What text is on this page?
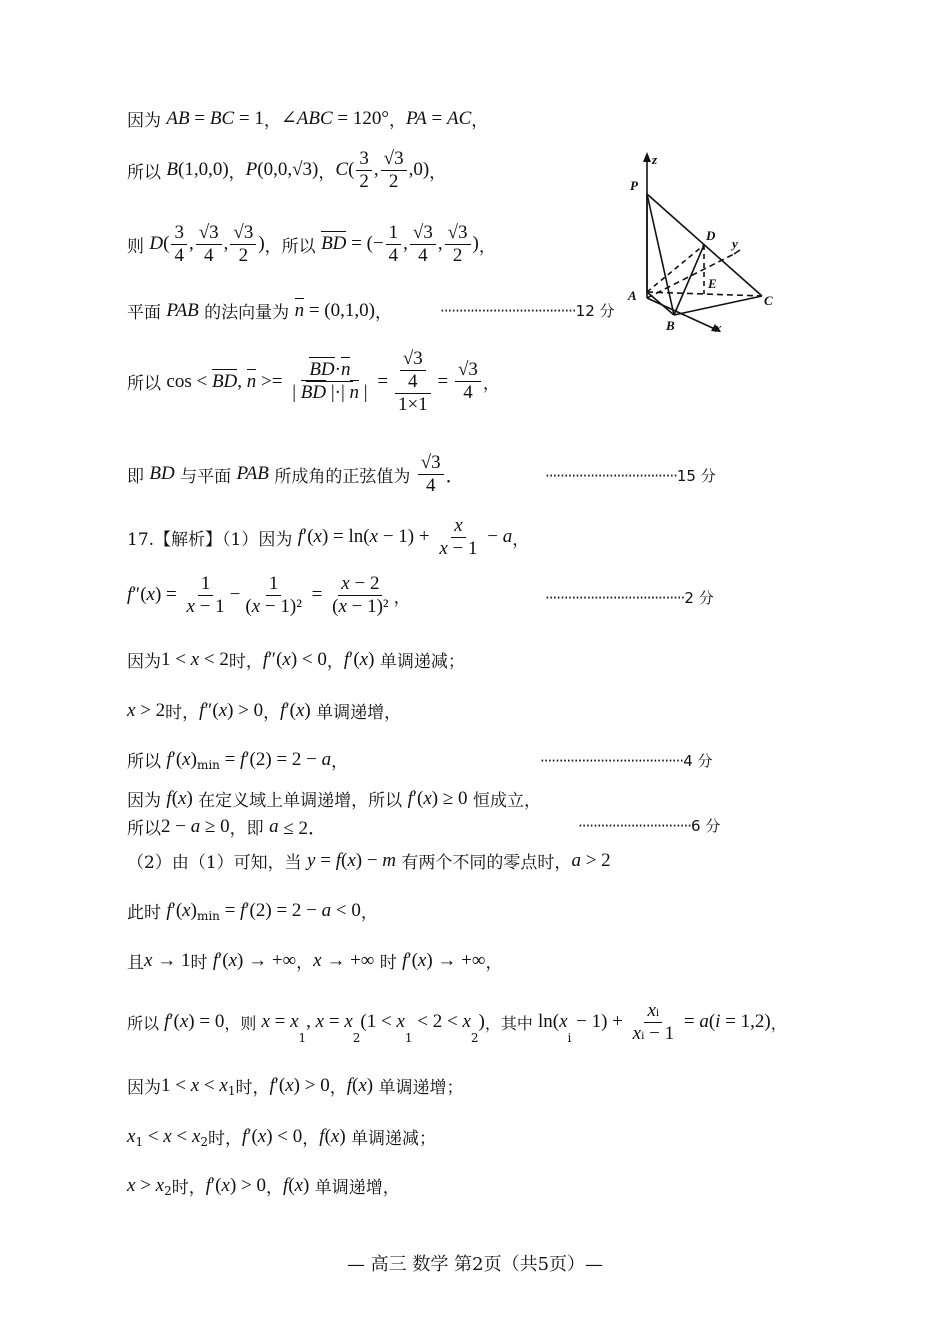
因为 AB = BC = 1 ， ∠ ABC = 120° ， PA = AC ，
所以 B (1,0,0) ， P (0,0,√3) ， C ( $\frac{3}{2}$ , $\frac{√3}{2} ,0$) ，
则 D ( $\frac{3}{4}$ , $\frac{√3}{4}$ , $\frac{√3}{2}$ ) ，所以 BD = (− $\frac{1}{4}$ , $\frac{√3}{4}$ , $\frac{√3}{2}$ ) ，
平面 PAB 的法向量为 n = (0,1,0) ，	····································12 分
所以 cos < BD , $n >= \frac{BD\cdot n}{| BD |\cdot| n |} = \frac{\frac{√3}{4}}{1\times 1} = \frac{√3}{4}$ ，
即 BD 与平面 PAB 所成角的正弦值为 $\frac{√3}{4}$ ．	···································15 分
17.【解析】（1）因为 f ′( x ) = ln( $x - 1) + \frac{x}{x - 1} - a$ ，
f ″( x ) = $\frac{1}{x - 1} - \frac{1}{\text{(x − 1)²}} = \frac{x - 2}{\text{(x − 1)²}}$ ，	·····································2 分
因为 1 < x < 2 时， f ″( x ) < 0 ， f ′( x ) 单调递减；
x > 2 时， f ″( x ) > 0 ， f ′( x ) 单调递增，
所以 f ′( x ) min = f ′(2) = 2 − a ，	······································4 分
因为 f ( x ) 在定义域上单调递增，所以 f ′( x ) ≥ 0 恒成立，
所以 2 − a ≥ 0 ，即 a ≤ 2．	······························6 分
（2）由（1）可知，当 y = f ( x ) − m 有两个不同的零点时， a > 2
此时 f ′( x ) min = f ′(2) = 2 − a < 0 ，
且 x → 1 时 f ′( x ) → +∞ ， x → +∞ 时 f ′( x ) → +∞ ，
所以 f ′( x ) = 0 ，则 x = x
1
, x = x
2
(1 < x
1
< 2 < x
2
) ，其中 ln( x
i
− $1) + \frac{xi}{xi - 1} = a$ ( i = 1,2) ，
因为 1 < x < x 1 时， f ′( x ) > 0 ， f ( x ) 单调递增；
x 1 < x < x 2 时， f ′( x ) < 0 ， f ( x ) 单调递减；
x > x 2 时， f ′( x ) > 0 ， f ( x ) 单调递增，
z
P
D
y
E
A	C
B	x
— 高三 数学 第2页（共5页）—
